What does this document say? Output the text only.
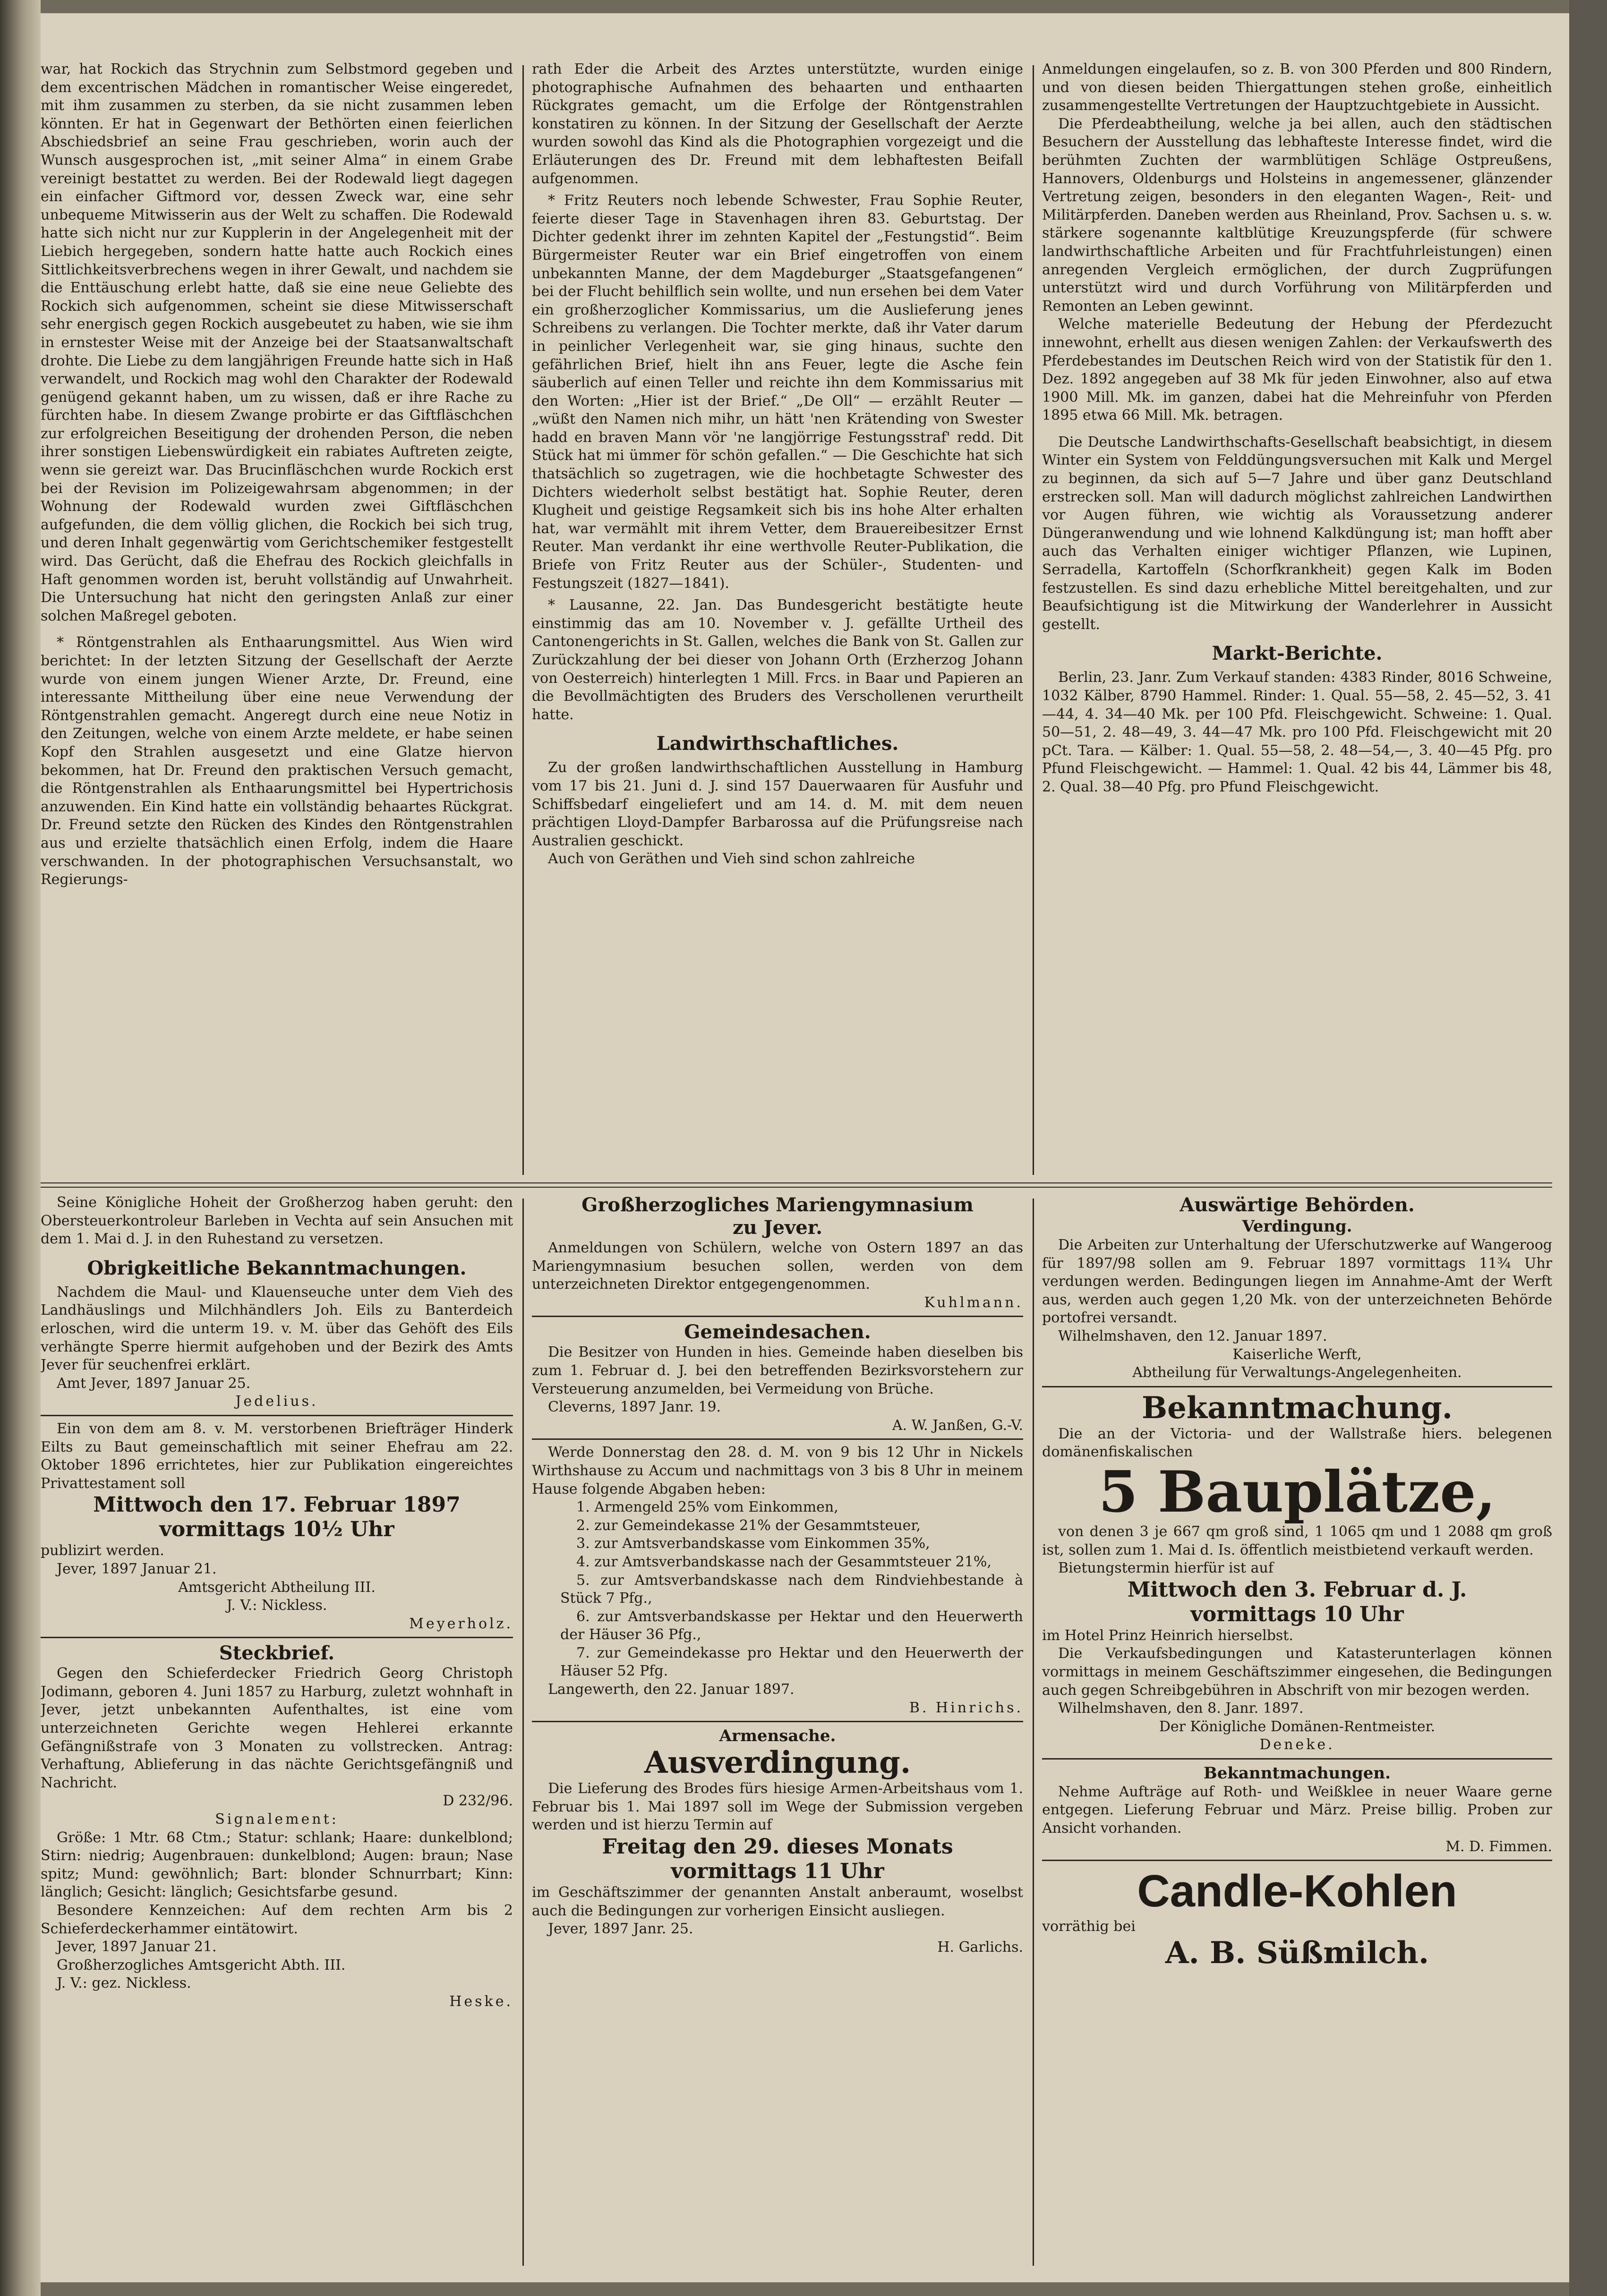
war, hat Rockich das Strychnin zum Selbstmord gegeben und dem excentrischen Mädchen in romantischer Weise eingeredet, mit ihm zusammen zu sterben, da sie nicht zusammen leben könnten. Er hat in Gegenwart der Bethörten einen feierlichen Abschiedsbrief an seine Frau geschrieben, worin auch der Wunsch ausgesprochen ist, „mit seiner Alma“ in einem Grabe vereinigt bestattet zu werden. Bei der Rodewald liegt dagegen ein einfacher Giftmord vor, dessen Zweck war, eine sehr unbequeme Mitwisserin aus der Welt zu schaffen. Die Rodewald hatte sich nicht nur zur Kupplerin in der Angelegenheit mit der Liebich hergegeben, sondern hatte hatte auch Rockich eines Sittlichkeitsverbrechens wegen in ihrer Gewalt, und nachdem sie die Enttäuschung erlebt hatte, daß sie eine neue Geliebte des Rockich sich aufgenommen, scheint sie diese Mitwisserschaft sehr energisch gegen Rockich ausgebeutet zu haben, wie sie ihm in ernstester Weise mit der Anzeige bei der Staatsanwaltschaft drohte. Die Liebe zu dem langjährigen Freunde hatte sich in Haß verwandelt, und Rockich mag wohl den Charakter der Rodewald genügend gekannt haben, um zu wissen, daß er ihre Rache zu fürchten habe. In diesem Zwange probirte er das Giftfläschchen zur erfolgreichen Beseitigung der drohenden Person, die neben ihrer sonstigen Liebenswürdigkeit ein rabiates Auftreten zeigte, wenn sie gereizt war. Das Brucinfläschchen wurde Rockich erst bei der Revision im Polizeigewahrsam abgenommen; in der Wohnung der Rodewald wurden zwei Giftfläschchen aufgefunden, die dem völlig glichen, die Rockich bei sich trug, und deren Inhalt gegenwärtig vom Gerichtschemiker festgestellt wird. Das Gerücht, daß die Ehefrau des Rockich gleichfalls in Haft genommen worden ist, beruht vollständig auf Unwahrheit. Die Untersuchung hat nicht den geringsten Anlaß zur einer solchen Maßregel geboten.

* Röntgenstrahlen als Enthaarungsmittel. Aus Wien wird berichtet: In der letzten Sitzung der Gesellschaft der Aerzte wurde von einem jungen Wiener Arzte, Dr. Freund, eine interessante Mittheilung über eine neue Verwendung der Röntgenstrahlen gemacht. Angeregt durch eine neue Notiz in den Zeitungen, welche von einem Arzte meldete, er habe seinen Kopf den Strahlen ausgesetzt und eine Glatze hiervon bekommen, hat Dr. Freund den praktischen Versuch gemacht, die Röntgenstrahlen als Enthaarungsmittel bei Hypertrichosis anzuwenden. Ein Kind hatte ein vollständig behaartes Rückgrat. Dr. Freund setzte den Rücken des Kindes den Röntgenstrahlen aus und erzielte thatsächlich einen Erfolg, indem die Haare verschwanden. In der photographischen Versuchsanstalt, wo Regierungs-

rath Eder die Arbeit des Arztes unterstützte, wurden einige photographische Aufnahmen des behaarten und enthaarten Rückgrates gemacht, um die Erfolge der Röntgenstrahlen konstatiren zu können. In der Sitzung der Gesellschaft der Aerzte wurden sowohl das Kind als die Photographien vorgezeigt und die Erläuterungen des Dr. Freund mit dem lebhaftesten Beifall aufgenommen.

* Fritz Reuters noch lebende Schwester, Frau Sophie Reuter, feierte dieser Tage in Stavenhagen ihren 83. Geburtstag. Der Dichter gedenkt ihrer im zehnten Kapitel der „Festungstid“. Beim Bürgermeister Reuter war ein Brief eingetroffen von einem unbekannten Manne, der dem Magdeburger „Staatsgefangenen“ bei der Flucht behilflich sein wollte, und nun ersehen bei dem Vater ein großherzoglicher Kommissarius, um die Auslieferung jenes Schreibens zu verlangen. Die Tochter merkte, daß ihr Vater darum in peinlicher Verlegenheit war, sie ging hinaus, suchte den gefährlichen Brief, hielt ihn ans Feuer, legte die Asche fein säuberlich auf einen Teller und reichte ihn dem Kommissarius mit den Worten: „Hier ist der Brief.“ „De Oll“ — erzählt Reuter — „wüßt den Namen nich mihr, un hätt 'nen Krätending von Swester hadd en braven Mann vör 'ne langjörrige Festungsstraf' redd. Dit Stück hat mi ümmer för schön gefallen.“ — Die Geschichte hat sich thatsächlich so zugetragen, wie die hochbetagte Schwester des Dichters wiederholt selbst bestätigt hat. Sophie Reuter, deren Klugheit und geistige Regsamkeit sich bis ins hohe Alter erhalten hat, war vermählt mit ihrem Vetter, dem Brauereibesitzer Ernst Reuter. Man verdankt ihr eine werthvolle Reuter-Publikation, die Briefe von Fritz Reuter aus der Schüler-, Studenten- und Festungszeit (1827—1841).

* Lausanne, 22. Jan. Das Bundesgericht bestätigte heute einstimmig das am 10. November v. J. gefällte Urtheil des Cantonengerichts in St. Gallen, welches die Bank von St. Gallen zur Zurückzahlung der bei dieser von Johann Orth (Erzherzog Johann von Oesterreich) hinterlegten 1 Mill. Frcs. in Baar und Papieren an die Bevollmächtigten des Bruders des Verschollenen verurtheilt hatte.

Landwirthschaftliches.

Zu der großen landwirthschaftlichen Ausstellung in Hamburg vom 17 bis 21. Juni d. J. sind 157 Dauerwaaren für Ausfuhr und Schiffsbedarf eingeliefert und am 14. d. M. mit dem neuen prächtigen Lloyd-Dampfer Barbarossa auf die Prüfungsreise nach Australien geschickt.

Auch von Geräthen und Vieh sind schon zahlreiche

Anmeldungen eingelaufen, so z. B. von 300 Pferden und 800 Rindern, und von diesen beiden Thiergattungen stehen große, einheitlich zusammengestellte Vertretungen der Hauptzuchtgebiete in Aussicht.

Die Pferdeabtheilung, welche ja bei allen, auch den städtischen Besuchern der Ausstellung das lebhafteste Interesse findet, wird die berühmten Zuchten der warmblütigen Schläge Ostpreußens, Hannovers, Oldenburgs und Holsteins in angemessener, glänzender Vertretung zeigen, besonders in den eleganten Wagen-, Reit- und Militärpferden. Daneben werden aus Rheinland, Prov. Sachsen u. s. w. stärkere sogenannte kaltblütige Kreuzungspferde (für schwere landwirthschaftliche Arbeiten und für Frachtfuhrleistungen) einen anregenden Vergleich ermöglichen, der durch Zugprüfungen unterstützt wird und durch Vorführung von Militärpferden und Remonten an Leben gewinnt.

Welche materielle Bedeutung der Hebung der Pferdezucht innewohnt, erhellt aus diesen wenigen Zahlen: der Verkaufswerth des Pferdebestandes im Deutschen Reich wird von der Statistik für den 1. Dez. 1892 angegeben auf 38 Mk für jeden Einwohner, also auf etwa 1900 Mill. Mk. im ganzen, dabei hat die Mehreinfuhr von Pferden 1895 etwa 66 Mill. Mk. betragen.

Die Deutsche Landwirthschafts-Gesellschaft beabsichtigt, in diesem Winter ein System von Felddüngungsversuchen mit Kalk und Mergel zu beginnen, da sich auf 5—7 Jahre und über ganz Deutschland erstrecken soll. Man will dadurch möglichst zahlreichen Landwirthen vor Augen führen, wie wichtig als Voraussetzung anderer Düngeranwendung und wie lohnend Kalkdüngung ist; man hofft aber auch das Verhalten einiger wichtiger Pflanzen, wie Lupinen, Serradella, Kartoffeln (Schorfkrankheit) gegen Kalk im Boden festzustellen. Es sind dazu erhebliche Mittel bereitgehalten, und zur Beaufsichtigung ist die Mitwirkung der Wanderlehrer in Aussicht gestellt.

Markt-Berichte.

Berlin, 23. Janr. Zum Verkauf standen: 4383 Rinder, 8016 Schweine, 1032 Kälber, 8790 Hammel. Rinder: 1. Qual. 55—58, 2. 45—52, 3. 41—44, 4. 34—40 Mk. per 100 Pfd. Fleischgewicht. Schweine: 1. Qual. 50—51, 2. 48—49, 3. 44—47 Mk. pro 100 Pfd. Fleischgewicht mit 20 pCt. Tara. — Kälber: 1. Qual. 55—58, 2. 48—54,—, 3. 40—45 Pfg. pro Pfund Fleischgewicht. — Hammel: 1. Qual. 42 bis 44, Lämmer bis 48, 2. Qual. 38—40 Pfg. pro Pfund Fleischgewicht.

Seine Königliche Hoheit der Großherzog haben geruht: den Obersteuerkontroleur Barleben in Vechta auf sein Ansuchen mit dem 1. Mai d. J. in den Ruhestand zu versetzen.

Obrigkeitliche Bekanntmachungen.

Nachdem die Maul- und Klauenseuche unter dem Vieh des Landhäuslings und Milchhändlers Joh. Eils zu Banterdeich erloschen, wird die unterm 19. v. M. über das Gehöft des Eils verhängte Sperre hiermit aufgehoben und der Bezirk des Amts Jever für seuchenfrei erklärt.

Amt Jever, 1897 Januar 25.

Jedelius.

Ein von dem am 8. v. M. verstorbenen Briefträger Hinderk Eilts zu Baut gemeinschaftlich mit seiner Ehefrau am 22. Oktober 1896 errichtetes, hier zur Publikation eingereichtes Privattestament soll

Mittwoch den 17. Februar 1897

vormittags 10½ Uhr

publizirt werden.

Jever, 1897 Januar 21.

Amtsgericht Abtheilung III.

J. V.: Nickless.

Meyerholz.

Steckbrief.

Gegen den Schieferdecker Friedrich Georg Christoph Jodimann, geboren 4. Juni 1857 zu Harburg, zuletzt wohnhaft in Jever, jetzt unbekannten Aufenthaltes, ist eine vom unterzeichneten Gerichte wegen Hehlerei erkannte Gefängnißstrafe von 3 Monaten zu vollstrecken. Antrag: Verhaftung, Ablieferung in das nächte Gerichtsgefängniß und Nachricht.

D 232/96.

Signalement:

Größe: 1 Mtr. 68 Ctm.; Statur: schlank; Haare: dunkelblond; Stirn: niedrig; Augenbrauen: dunkelblond; Augen: braun; Nase spitz; Mund: gewöhnlich; Bart: blonder Schnurrbart; Kinn: länglich; Gesicht: länglich; Gesichtsfarbe gesund.

Besondere Kennzeichen: Auf dem rechten Arm bis 2 Schieferdeckerhammer eintätowirt.

Jever, 1897 Januar 21.

Großherzogliches Amtsgericht Abth. III.

J. V.: gez. Nickless.

Heske.

Großherzogliches Mariengymnasium

zu Jever.

Anmeldungen von Schülern, welche von Ostern 1897 an das Mariengymnasium besuchen sollen, werden von dem unterzeichneten Direktor entgegengenommen.

Kuhlmann.

Gemeindesachen.

Die Besitzer von Hunden in hies. Gemeinde haben dieselben bis zum 1. Februar d. J. bei den betreffenden Bezirksvorstehern zur Versteuerung anzumelden, bei Vermeidung von Brüche.

Cleverns, 1897 Janr. 19.

A. W. Janßen, G.-V.

Werde Donnerstag den 28. d. M. von 9 bis 12 Uhr in Nickels Wirthshause zu Accum und nachmittags von 3 bis 8 Uhr in meinem Hause folgende Abgaben heben:

1. Armengeld 25% vom Einkommen,

2. zur Gemeindekasse 21% der Gesammtsteuer,

3. zur Amtsverbandskasse vom Einkommen 35%,

4. zur Amtsverbandskasse nach der Gesammtsteuer 21%,

5. zur Amtsverbandskasse nach dem Rindviehbestande à Stück 7 Pfg.,

6. zur Amtsverbandskasse per Hektar und den Heuerwerth der Häuser 36 Pfg.,

7. zur Gemeindekasse pro Hektar und den Heuerwerth der Häuser 52 Pfg.

Langewerth, den 22. Januar 1897.

B. Hinrichs.

Armensache.

Ausverdingung.

Die Lieferung des Brodes fürs hiesige Armen-Arbeitshaus vom 1. Februar bis 1. Mai 1897 soll im Wege der Submission vergeben werden und ist hierzu Termin auf

Freitag den 29. dieses Monats

vormittags 11 Uhr

im Geschäftszimmer der genannten Anstalt anberaumt, woselbst auch die Bedingungen zur vorherigen Einsicht ausliegen.

Jever, 1897 Janr. 25.

H. Garlichs.

Auswärtige Behörden.

Verdingung.

Die Arbeiten zur Unterhaltung der Uferschutzwerke auf Wangeroog für 1897/98 sollen am 9. Februar 1897 vormittags 11¾ Uhr verdungen werden. Bedingungen liegen im Annahme-Amt der Werft aus, werden auch gegen 1,20 Mk. von der unterzeichneten Behörde portofrei versandt.

Wilhelmshaven, den 12. Januar 1897.

Kaiserliche Werft,

Abtheilung für Verwaltungs-Angelegenheiten.

Bekanntmachung.

Die an der Victoria- und der Wallstraße hiers. belegenen domänenfiskalischen

5 Bauplätze,

von denen 3 je 667 qm groß sind, 1 1065 qm und 1 2088 qm groß ist, sollen zum 1. Mai d. Is. öffentlich meistbietend verkauft werden.

Bietungstermin hierfür ist auf

Mittwoch den 3. Februar d. J.

vormittags 10 Uhr

im Hotel Prinz Heinrich hierselbst.

Die Verkaufsbedingungen und Katasterunterlagen können vormittags in meinem Geschäftszimmer eingesehen, die Bedingungen auch gegen Schreibgebühren in Abschrift von mir bezogen werden.

Wilhelmshaven, den 8. Janr. 1897.

Der Königliche Domänen-Rentmeister.

Deneke.

Bekanntmachungen.

Nehme Aufträge auf Roth- und Weißklee in neuer Waare gerne entgegen. Lieferung Februar und März. Preise billig. Proben zur Ansicht vorhanden.

M. D. Fimmen.

Candle-Kohlen

vorräthig bei

A. B. Süßmilch.
